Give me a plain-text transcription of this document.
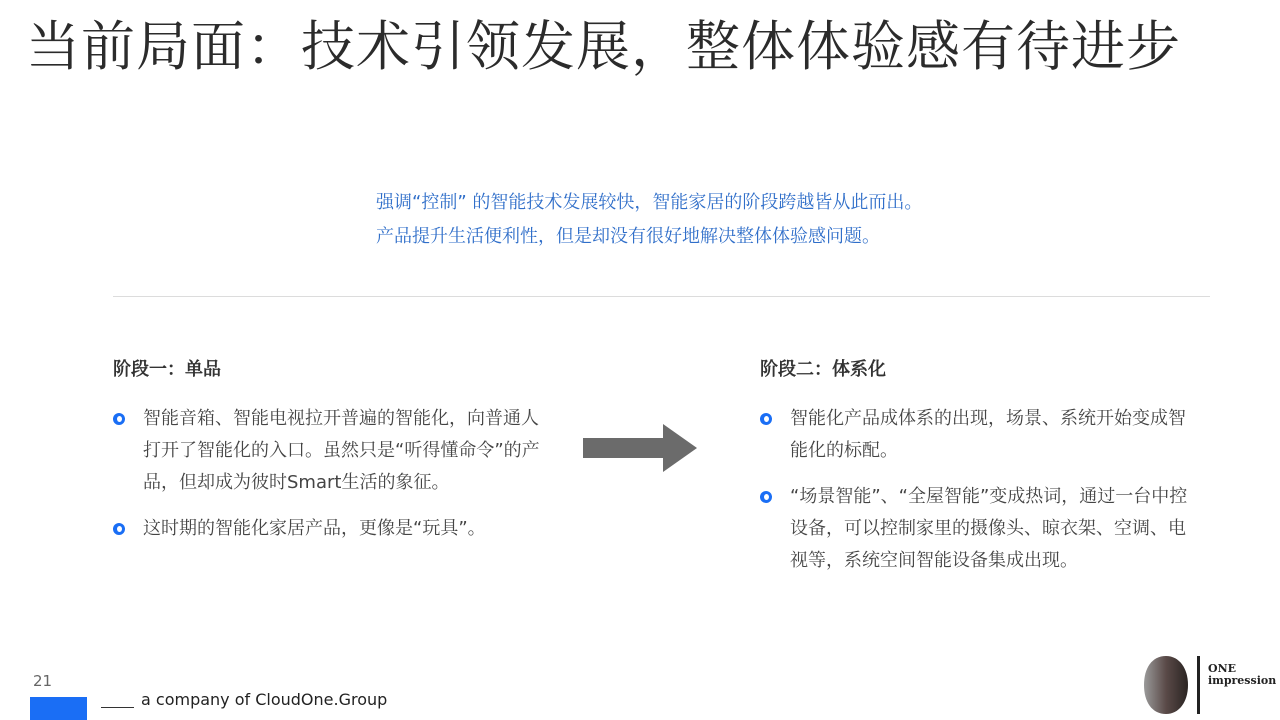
当前局面：技术引领发展，整体体验感有待进步
强调“控制” 的智能技术发展较快，智能家居的阶段跨越皆从此而出。
产品提升生活便利性，但是却没有很好地解决整体体验感问题。
阶段一：单品
智能音箱、智能电视拉开普遍的智能化，向普通人打开了智能化的入口。虽然只是“听得懂命令”的产品，但却成为彼时Smart生活的象征。
这时期的智能化家居产品，更像是“玩具”。
阶段二：体系化
智能化产品成体系的出现，场景、系统开始变成智能化的标配。
“场景智能”、“全屋智能”变成热词，通过一台中控设备，可以控制家里的摄像头、晾衣架、空调、电视等，系统空间智能设备集成出现。
21
a company of CloudOne.Group
ONE
impression
